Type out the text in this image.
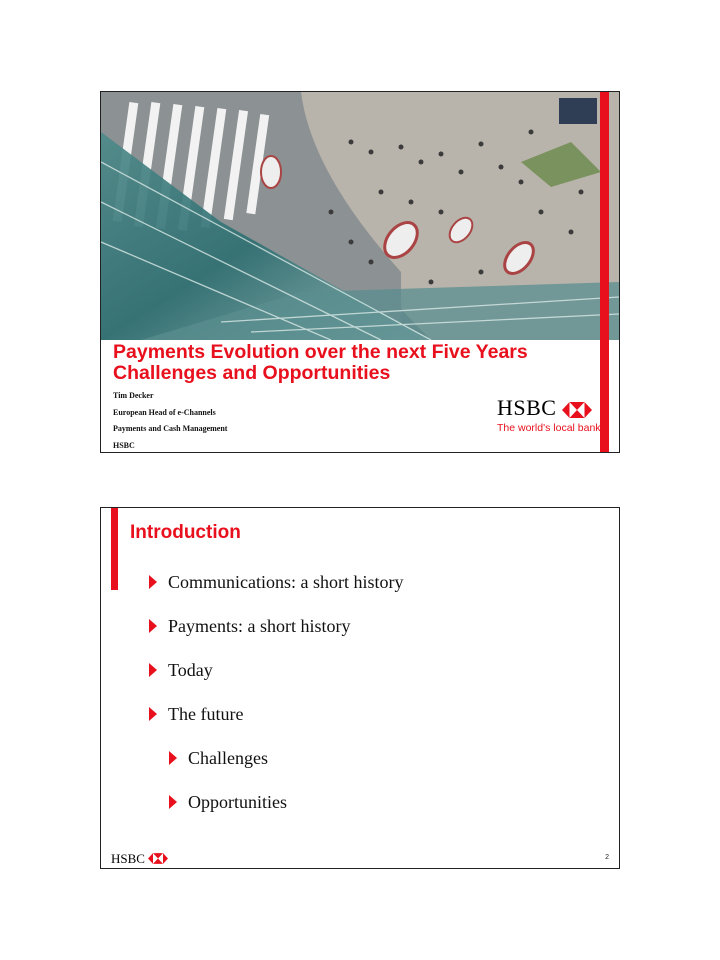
Payments Evolution over the next Five Years
Challenges and Opportunities
Tim Decker
European Head of e-Channels
Payments and Cash Management
HSBC
HSBC
The world's local bank
Introduction
Communications: a short history
Payments: a short history
Today
The future
Challenges
Opportunities
HSBC	2
